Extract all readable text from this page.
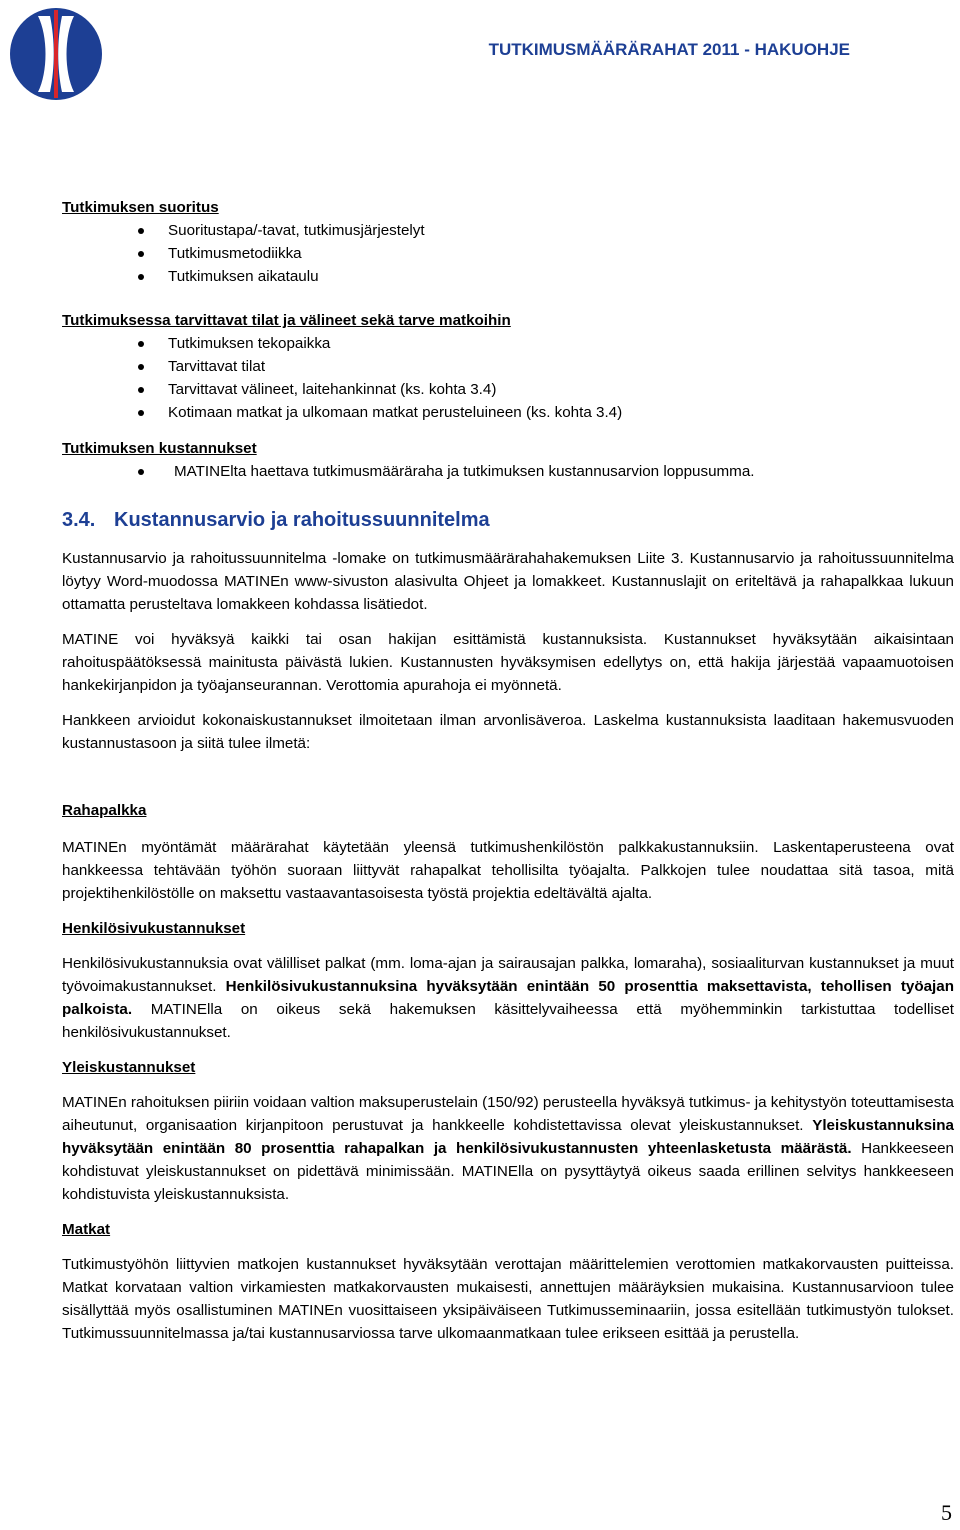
TUTKIMUSMÄÄRÄRAHAT 2011 - HAKUOHJE
Tutkimuksen suoritus
Suoritustapa/-tavat, tutkimusjärjestelyt
Tutkimusmetodiikka
Tutkimuksen aikataulu
Tutkimuksessa tarvittavat tilat ja välineet sekä tarve matkoihin
Tutkimuksen tekopaikka
Tarvittavat tilat
Tarvittavat välineet, laitehankinnat (ks. kohta 3.4)
Kotimaan matkat ja ulkomaan matkat perusteluineen (ks. kohta 3.4)
Tutkimuksen kustannukset
MATINElta haettava tutkimusmääräraha ja tutkimuksen kustannusarvion loppusumma.
3.4. Kustannusarvio ja rahoitussuunnitelma

Kustannusarvio ja rahoitussuunnitelma -lomake on tutkimusmäärärahahakemuksen Liite 3. Kustannusarvio ja rahoitussuunnitelma löytyy Word-muodossa MATINEn www-sivuston alasivulta Ohjeet ja lomakkeet. Kustannuslajit on eriteltävä ja rahapalkkaa lukuun ottamatta perusteltava lomakkeen kohdassa lisätiedot.

MATINE voi hyväksyä kaikki tai osan hakijan esittämistä kustannuksista. Kustannukset hyväksytään aikaisintaan rahoituspäätöksessä mainitusta päivästä lukien. Kustannusten hyväksymisen edellytys on, että hakija järjestää vapaamuotoisen hankekirjanpidon ja työajanseurannan. Verottomia apurahoja ei myönnetä.

Hankkeen arvioidut kokonaiskustannukset ilmoitetaan ilman arvonlisäveroa. Laskelma kustannuksista laaditaan hakemusvuoden kustannustasoon ja siitä tulee ilmetä:

Rahapalkka

MATINEn myöntämät määrärahat käytetään yleensä tutkimushenkilöstön palkkakustannuksiin. Laskentaperusteena ovat hankkeessa tehtävään työhön suoraan liittyvät rahapalkat tehollisilta työajalta. Palkkojen tulee noudattaa sitä tasoa, mitä projektihenkilöstölle on maksettu vastaavantasoisesta työstä projektia edeltävältä ajalta.

Henkilösivukustannukset

Henkilösivukustannuksia ovat välilliset palkat (mm. loma-ajan ja sairausajan palkka, lomaraha), sosiaaliturvan kustannukset ja muut työvoimakustannukset. Henkilösivukustannuksina hyväksytään enintään 50 prosenttia maksettavista, tehollisen työajan palkoista. MATINElla on oikeus sekä hakemuksen käsittelyvaiheessa että myöhemminkin tarkistuttaa todelliset henkilösivukustannukset.

Yleiskustannukset

MATINEn rahoituksen piiriin voidaan valtion maksuperustelain (150/92) perusteella hyväksyä tutkimus- ja kehitystyön toteuttamisesta aiheutunut, organisaation kirjanpitoon perustuvat ja hankkeelle kohdistettavissa olevat yleiskustannukset. Yleiskustannuksina hyväksytään enintään 80 prosenttia rahapalkan ja henkilösivukustannusten yhteenlasketusta määrästä. Hankkeeseen kohdistuvat yleiskustannukset on pidettävä minimissään. MATINElla on pysyttäytyä oikeus saada erillinen selvitys hankkeeseen kohdistuvista yleiskustannuksista.

Matkat

Tutkimustyöhön liittyvien matkojen kustannukset hyväksytään verottajan määrittelemien verottomien matkakorvausten puitteissa. Matkat korvataan valtion virkamiesten matkakorvausten mukaisesti, annettujen määräyksien mukaisina. Kustannusarvioon tulee sisällyttää myös osallistuminen MATINEn vuosittaiseen yksipäiväiseen Tutkimusseminaariin, jossa esitellään tutkimustyön tulokset. Tutkimussuunnitelmassa ja/tai kustannusarviossa tarve ulkomaanmatkaan tulee erikseen esittää ja perustella.

5
